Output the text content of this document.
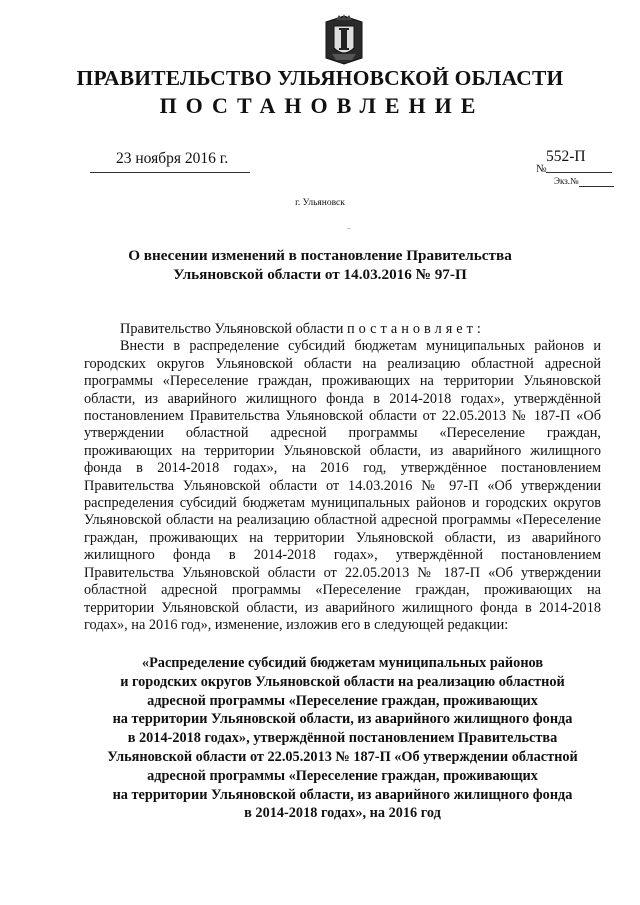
ПРАВИТЕЛЬСТВО УЛЬЯНОВСКОЙ ОБЛАСТИ
ПОСТАНОВЛЕНИЕ
23 ноября 2016 г.
№
552-П
Экз.№
г. Ульяновск
–
О внесении изменений в постановление Правительства
Ульяновской области от 14.03.2016 № 97-П

Правительство Ульяновской области постановляет:

Внести в распределение субсидий бюджетам муниципальных районов и городских округов Ульяновской области на реализацию областной адресной программы «Переселение граждан, проживающих на территории Ульяновской области, из аварийного жилищного фонда в 2014-2018 годах», утверждённой постановлением Правительства Ульяновской области от 22.05.2013 № 187-П «Об утверждении областной адресной программы «Переселение граждан, проживающих на территории Ульяновской области, из аварийного жилищного фонда в 2014-2018 годах», на 2016 год, утверждённое постановлением Правительства Ульяновской области от 14.03.2016 № 97-П «Об утверждении распределения субсидий бюджетам муниципальных районов и городских округов Ульяновской области на реализацию областной адресной программы «Переселение граждан, проживающих на территории Ульяновской области, из аварийного жилищного фонда в 2014-2018 годах», утверждённой постановлением Правительства Ульяновской области от 22.05.2013 № 187-П «Об утверждении областной адресной программы «Переселение граждан, проживающих на территории Ульяновской области, из аварийного жилищного фонда в 2014-2018 годах», на 2016 год», изменение, изложив его в следующей редакции:

«Распределение субсидий бюджетам муниципальных районов
и городских округов Ульяновской области на реализацию областной
адресной программы «Переселение граждан, проживающих
на территории Ульяновской области, из аварийного жилищного фонда
в 2014-2018 годах», утверждённой постановлением Правительства
Ульяновской области от 22.05.2013 № 187-П «Об утверждении областной
адресной программы «Переселение граждан, проживающих
на территории Ульяновской области, из аварийного жилищного фонда
в 2014-2018 годах», на 2016 год
